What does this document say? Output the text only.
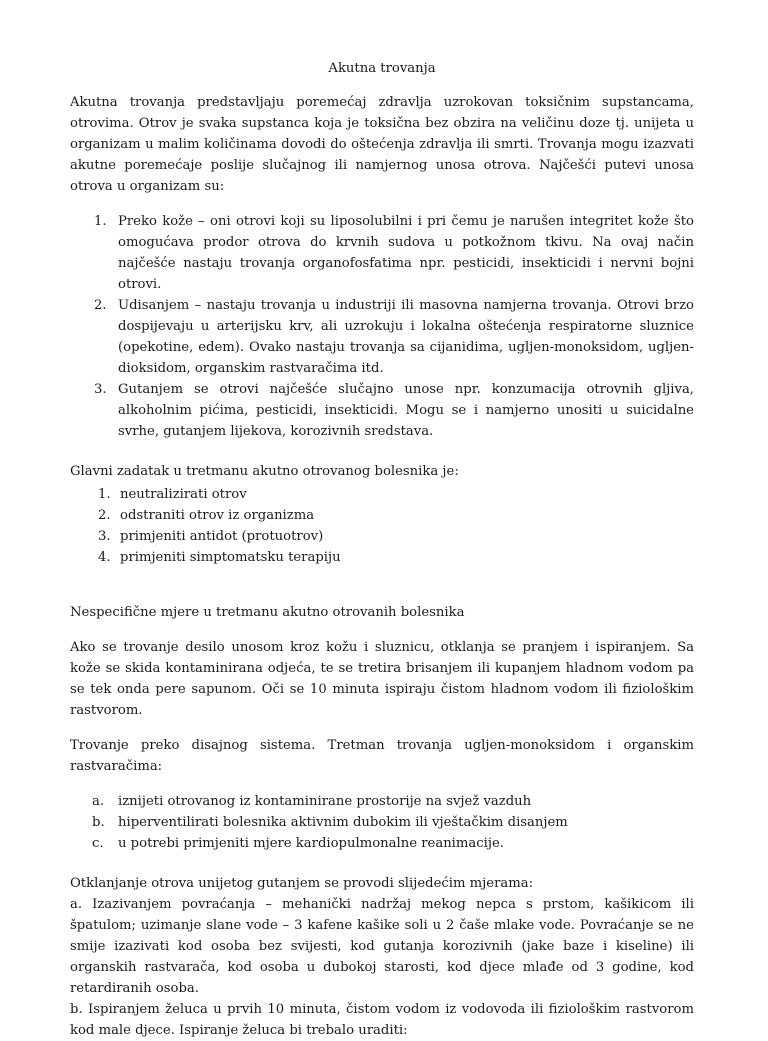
Akutna trovanja

Akutna trovanja predstavljaju poremećaj zdravlja uzrokovan toksičnim supstancama, otrovima. Otrov je svaka supstanca koja je toksična bez obzira na veličinu doze tj. unijeta u organizam u malim količinama dovodi do oštećenja zdravlja ili smrti. Trovanja mogu izazvati akutne poremećaje poslije slučajnog ili namjernog unosa otrova. Najčešći putevi unosa otrova u organizam su:

1. Preko kože – oni otrovi koji su liposolubilni i pri čemu je narušen integritet kože što omogućava prodor otrova do krvnih sudova u potkožnom tkivu. Na ovaj način najčešće nastaju trovanja organofosfatima npr. pesticidi, insekticidi i nervni bojni otrovi.
2. Udisanjem – nastaju trovanja u industriji ili masovna namjerna trovanja. Otrovi brzo dospijevaju u arterijsku krv, ali uzrokuju i lokalna oštećenja respiratorne sluznice (opekotine, edem). Ovako nastaju trovanja sa cijanidima, ugljen-monoksidom, ugljen-dioksidom, organskim rastvaračima itd.
3. Gutanjem se otrovi najčešće slučajno unose npr. konzumacija otrovnih gljiva, alkoholnim pićima, pesticidi, insekticidi. Mogu se i namjerno unositi u suicidalne svrhe, gutanjem lijekova, korozivnih sredstava.

Glavni zadatak u tretmanu akutno otrovanog bolesnika je:

1. neutralizirati otrov
2. odstraniti otrov iz organizma
3. primjeniti antidot (protuotrov)
4. primjeniti simptomatsku terapiju

Nespecifične mjere u tretmanu akutno otrovanih bolesnika

Ako se trovanje desilo unosom kroz kožu i sluznicu, otklanja se pranjem i ispiranjem. Sa kože se skida kontaminirana odjeća, te se tretira brisanjem ili kupanjem hladnom vodom pa se tek onda pere sapunom. Oči se 10 minuta ispiraju čistom hladnom vodom ili fiziološkim rastvorom.

Trovanje preko disajnog sistema. Tretman trovanja ugljen-monoksidom i organskim

rastvaračima:

a. iznijeti otrovanog iz kontaminirane prostorije na svjež vazduh
b. hiperventilirati bolesnika aktivnim dubokim ili vještačkim disanjem
c. u potrebi primjeniti mjere kardiopulmonalne reanimacije.

Otklanjanje otrova unijetog gutanjem se provodi slijedećim mjerama:

a. Izazivanjem povraćanja – mehanički nadržaj mekog nepca s prstom, kašikicom ili špatulom; uzimanje slane vode – 3 kafene kašike soli u 2 čaše mlake vode. Povraćanje se ne smije izazivati kod osoba bez svijesti, kod gutanja korozivnih (jake baze i kiseline) ili organskih rastvarača, kod osoba u dubokoj starosti, kod djece mlađe od 3 godine, kod retardiranih osoba.

b. Ispiranjem želuca u prvih 10 minuta, čistom vodom iz vodovoda ili fiziološkim rastvorom kod male djece. Ispiranje želuca bi trebalo uraditi:
